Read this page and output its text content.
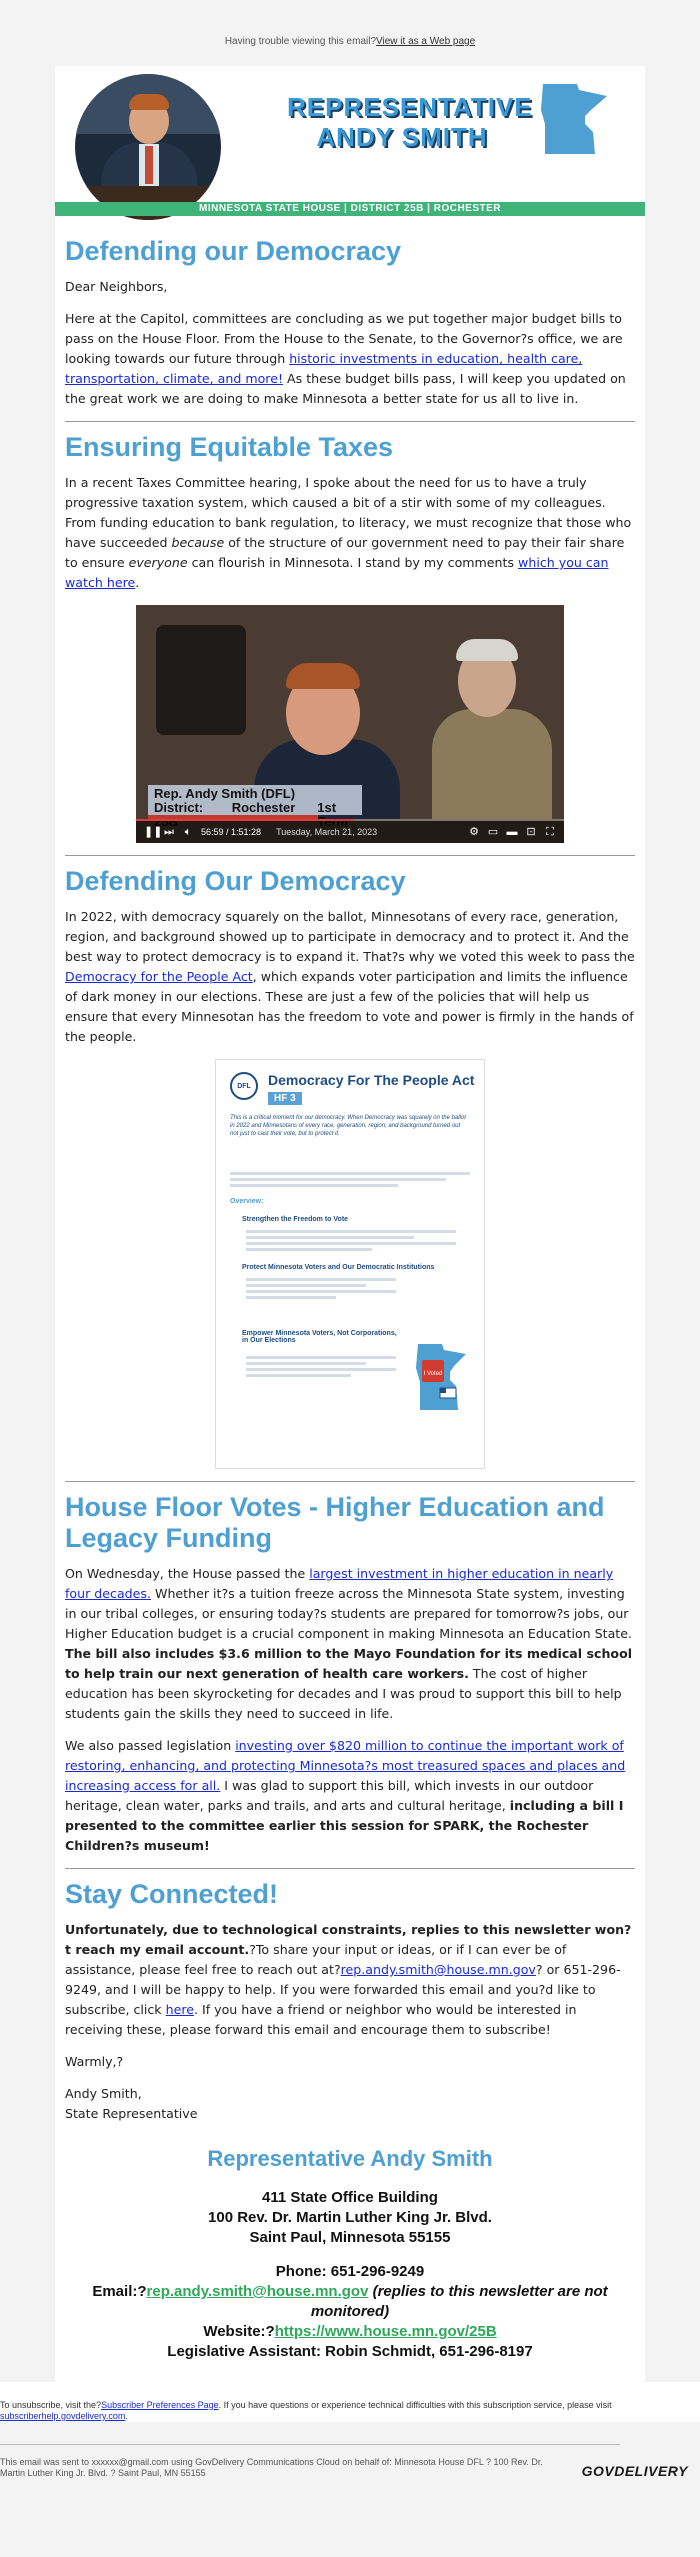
Having trouble viewing this email?View it as a Web page
REPRESENTATIVE
ANDY SMITH
MINNESOTA STATE HOUSE | DISTRICT 25B | ROCHESTER
Defending our Democracy

Dear Neighbors,

Here at the Capitol, committees are concluding as we put together major budget bills to pass on the House Floor. From the House to the Senate, to the Governor?s office, we are looking towards our future through historic investments in education, health care, transportation, climate, and more! As these budget bills pass, I will keep you updated on the great work we are doing to make Minnesota a better state for us all to live in.

Ensuring Equitable Taxes

In a recent Taxes Committee hearing, I spoke about the need for us to have a truly progressive taxation system, which caused a bit of a stir with some of my colleagues. From funding education to bank regulation, to literacy, we must recognize that those who have succeeded because of the structure of our government need to pay their fair share to ensure everyone can flourish in Minnesota. I stand by my comments which you can watch here.

Rep. Andy Smith (DFL)
District:	Rochester 1st
❚❚ ⏭ 🔈︎	56:59 / 1:51:28 Tuesday, March 21, 2023	⚙ ▭ ▬ ⊡ ⛶
Defending Our Democracy

In 2022, with democracy squarely on the ballot, Minnesotans of every race, generation, region, and background showed up to participate in democracy and to protect it. And the best way to protect democracy is to expand it. That?s why we voted this week to pass the Democracy for the People Act, which expands voter participation and limits the influence of dark money in our elections. These are just a few of the policies that will help us ensure that every Minnesotan has the freedom to vote and power is firmly in the hands of the people.

DFL	Democracy For The People Act
HF 3
This is a critical moment for our democracy. When Democracy was squarely on the ballot in 2022 and Minnesotans of every race, generation, region, and background turned out not just to cast their vote, but to protect it.
Overview:
Strengthen the Freedom to Vote
Protect Minnesota Voters and Our Democratic Institutions
Empower Minnesota Voters, Not Corporations, in Our Elections
I Voted
House Floor Votes - Higher Education and Legacy Funding

On Wednesday, the House passed the largest investment in higher education in nearly four decades. Whether it?s a tuition freeze across the Minnesota State system, investing in our tribal colleges, or ensuring today?s students are prepared for tomorrow?s jobs, our Higher Education budget is a crucial component in making Minnesota an Education State. The bill also includes $3.6 million to the Mayo Foundation for its medical school to help train our next generation of health care workers. The cost of higher education has been skyrocketing for decades and I was proud to support this bill to help students gain the skills they need to succeed in life.

We also passed legislation investing over $820 million to continue the important work of restoring, enhancing, and protecting Minnesota?s most treasured spaces and places and increasing access for all. I was glad to support this bill, which invests in our outdoor heritage, clean water, parks and trails, and arts and cultural heritage, including a bill I presented to the committee earlier this session for SPARK, the Rochester Children?s museum!

Stay Connected!

Unfortunately, due to technological constraints, replies to this newsletter won?t reach my email account.?To share your input or ideas, or if I can ever be of assistance, please feel free to reach out at?rep.andy.smith@house.mn.gov? or 651-296-9249, and I will be happy to help. If you were forwarded this email and you?d like to subscribe, click here. If you have a friend or neighbor who would be interested in receiving these, please forward this email and encourage them to subscribe!

Warmly,?

Andy Smith,

State Representative

Representative Andy Smith
411 State Office Building
100 Rev. Dr. Martin Luther King Jr. Blvd.
Saint Paul, Minnesota 55155
Phone: 651-296-9249
Email:?rep.andy.smith@house.mn.gov (replies to this newsletter are not monitored)
Website:?https://www.house.mn.gov/25B
Legislative Assistant: Robin Schmidt, 651-296-8197
To unsubscribe, visit the?Subscriber Preferences Page. If you have questions or experience technical difficulties with this subscription service, please visit subscriberhelp.govdelivery.com.
This email was sent to xxxxxx@gmail.com using GovDelivery Communications Cloud on behalf of: Minnesota House DFL ? 100 Rev. Dr. Martin Luther King Jr. Blvd. ? Saint Paul, MN 55155	GOVDELIVERY
